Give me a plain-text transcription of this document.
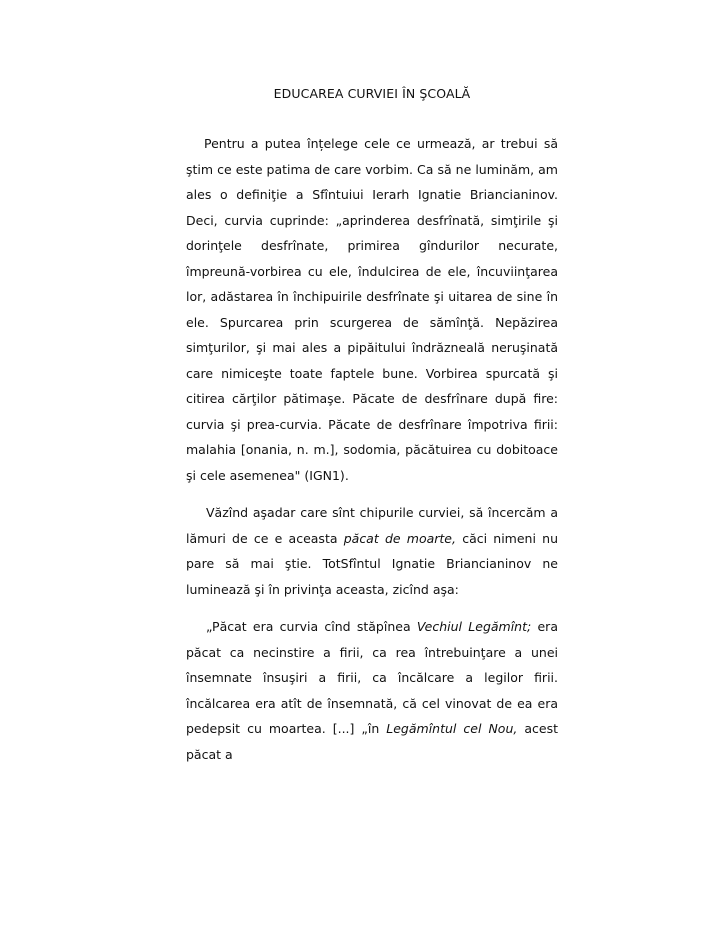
EDUCAREA CURVIEI ÎN ŞCOALĂ

Pentru a putea înțelege cele ce urmează, ar trebui să ştim ce este patima de care vorbim. Ca să ne luminăm, am ales o definiţie a Sfîntuiui Ierarh Ignatie Briancianinov. Deci, curvia cuprinde: „aprinderea desfrînată, simţirile şi dorinţele desfrînate, primirea gîndurilor necurate, împreună-vorbirea cu ele, îndulcirea de ele, încuviinţarea lor, adăstarea în închipuirile desfrînate şi uitarea de sine în ele. Spurcarea prin scurgerea de sămînţă. Nepăzirea simţurilor, şi mai ales a pipăitului îndrăzneală neruşinată care nimiceşte toate faptele bune. Vorbirea spurcată şi citirea cărţilor pătimaşe. Păcate de desfrînare după fire: curvia şi prea-curvia. Păcate de desfrînare împotriva firii: malahia [onania, n. m.], sodomia, păcătuirea cu dobitoace şi cele asemenea" (IGN1).

Văzînd aşadar care sînt chipurile curviei, să încercăm a lămuri de ce e aceasta păcat de moarte, căci nimeni nu pare să mai ştie. TotSfîntul Ignatie Briancianinov ne luminează şi în privinţa aceasta, zicînd aşa:

„Păcat era curvia cînd stăpînea Vechiul Legămînt; era păcat ca necinstire a firii, ca rea întrebuinţare a unei însemnate însuşiri a firii, ca încălcare a legilor firii. încălcarea era atît de însemnată, că cel vinovat de ea era pedepsit cu moartea. [...] „în Legămîntul cel Nou, acest păcat a
